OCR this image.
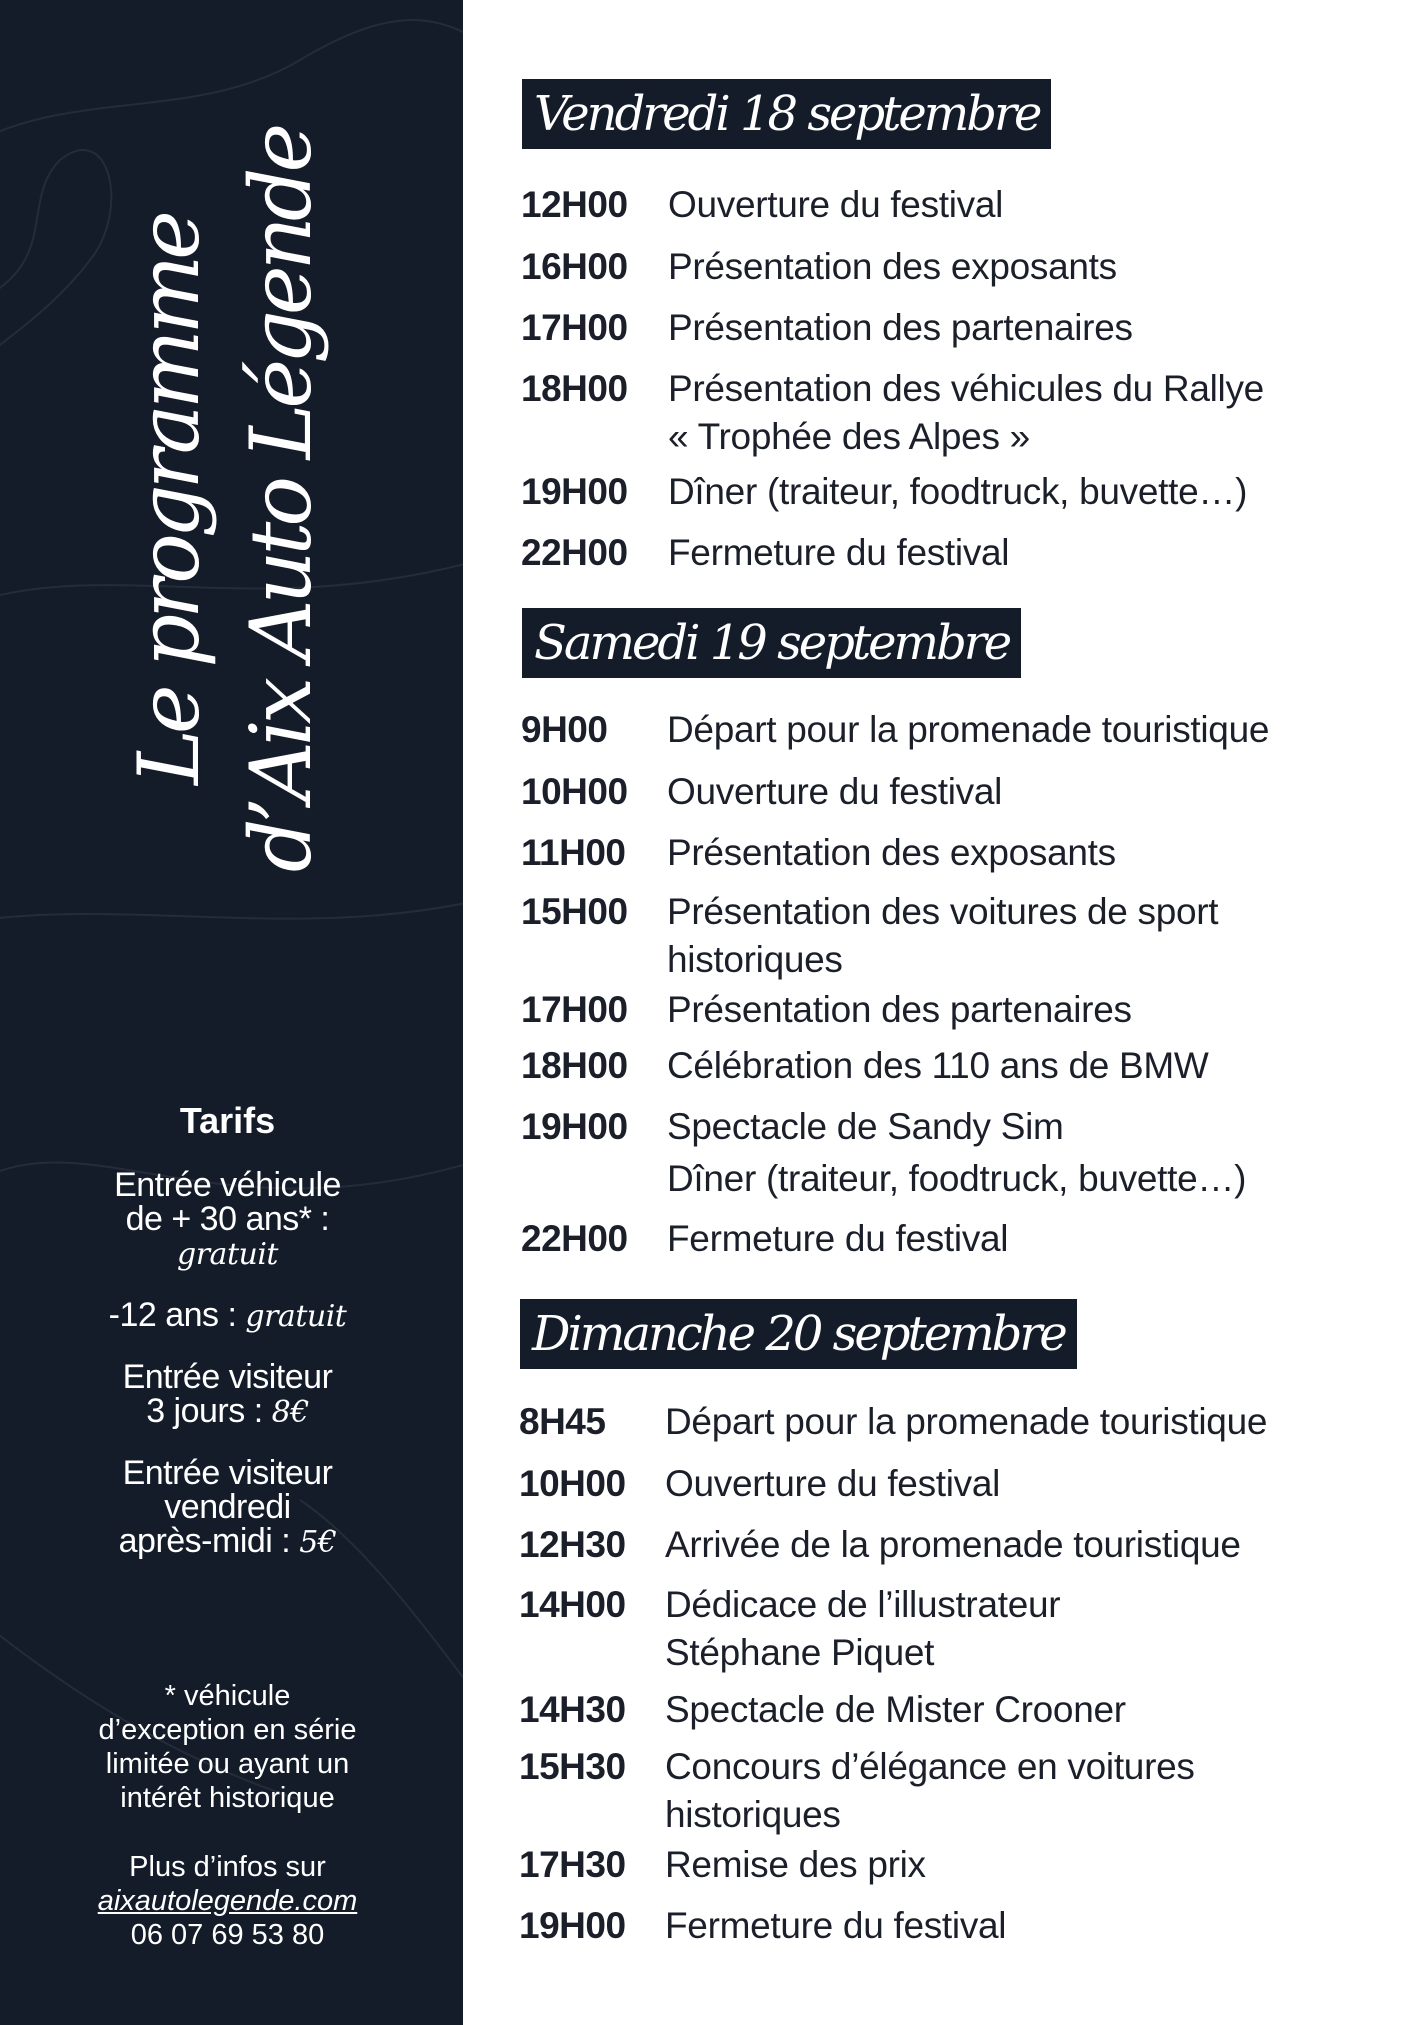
Le programme d’Aix Auto Légende
Tarifs
Entrée véhicule
de + 30 ans* :
gratuit
-12 ans : gratuit
Entrée visiteur
3 jours : 8€
Entrée visiteur
vendredi
après-midi : 5€
* véhicule
d’exception en série
limitée ou ayant un
intérêt historique
Plus d’infos sur
aixautolegende.com
06 07 69 53 80
Vendredi 18 septembre
12H00 Ouverture du festival
16H00 Présentation des exposants
17H00 Présentation des partenaires
18H00 Présentation des véhicules du Rallye
« Trophée des Alpes »
19H00 Dîner (traiteur, foodtruck, buvette…)
22H00 Fermeture du festival
Samedi 19 septembre
9H00 Départ pour la promenade touristique
10H00 Ouverture du festival
11H00 Présentation des exposants
15H00 Présentation des voitures de sport
historiques
17H00 Présentation des partenaires
18H00 Célébration des 110 ans de BMW
19H00 Spectacle de Sandy Sim
Dîner (traiteur, foodtruck, buvette…)
22H00 Fermeture du festival
Dimanche 20 septembre
8H45 Départ pour la promenade touristique
10H00 Ouverture du festival
12H30 Arrivée de la promenade touristique
14H00 Dédicace de l’illustrateur
Stéphane Piquet
14H30 Spectacle de Mister Crooner
15H30 Concours d’élégance en voitures
historiques
17H30 Remise des prix
19H00 Fermeture du festival
